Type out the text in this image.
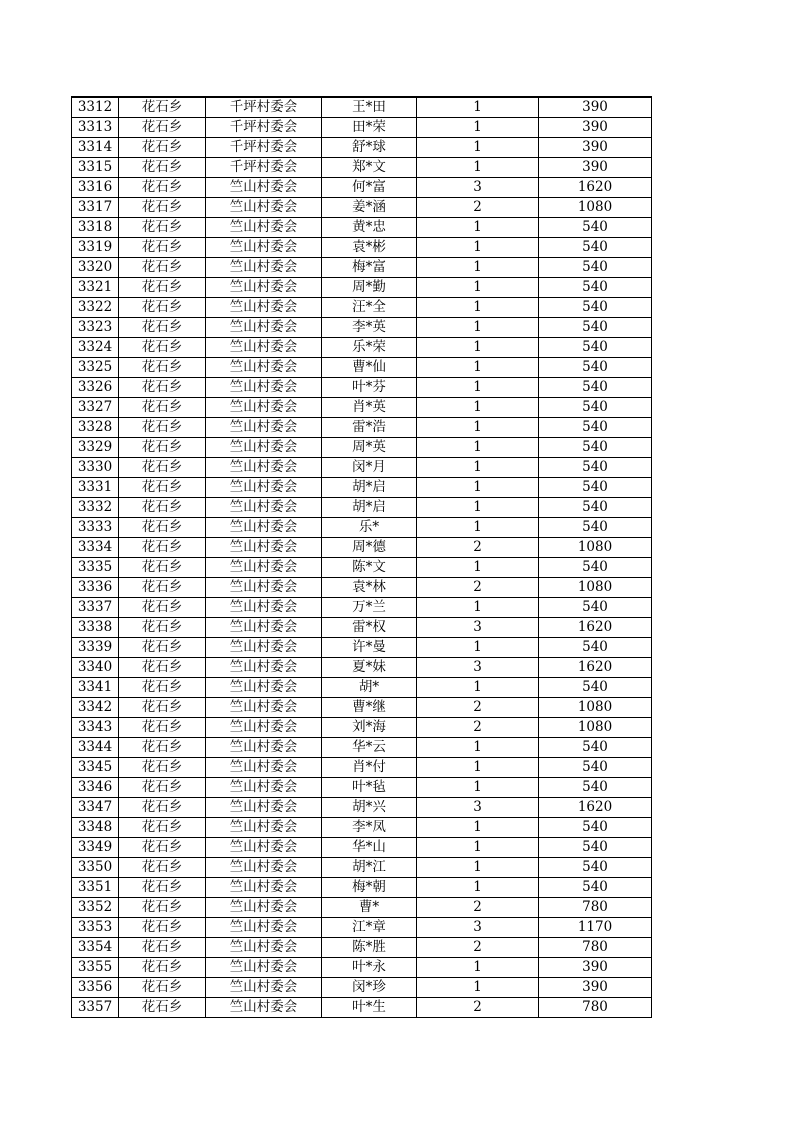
3312	花石乡	千坪村委会	王*田	1	390
3313	花石乡	千坪村委会	田*荣	1	390
3314	花石乡	千坪村委会	舒*球	1	390
3315	花石乡	千坪村委会	郑*文	1	390
3316	花石乡	竺山村委会	何*富	3	1620
3317	花石乡	竺山村委会	姜*涵	2	1080
3318	花石乡	竺山村委会	黄*忠	1	540
3319	花石乡	竺山村委会	袁*彬	1	540
3320	花石乡	竺山村委会	梅*富	1	540
3321	花石乡	竺山村委会	周*勤	1	540
3322	花石乡	竺山村委会	汪*全	1	540
3323	花石乡	竺山村委会	李*英	1	540
3324	花石乡	竺山村委会	乐*荣	1	540
3325	花石乡	竺山村委会	曹*仙	1	540
3326	花石乡	竺山村委会	叶*芬	1	540
3327	花石乡	竺山村委会	肖*英	1	540
3328	花石乡	竺山村委会	雷*浩	1	540
3329	花石乡	竺山村委会	周*英	1	540
3330	花石乡	竺山村委会	闵*月	1	540
3331	花石乡	竺山村委会	胡*启	1	540
3332	花石乡	竺山村委会	胡*启	1	540
3333	花石乡	竺山村委会	乐*	1	540
3334	花石乡	竺山村委会	周*德	2	1080
3335	花石乡	竺山村委会	陈*文	1	540
3336	花石乡	竺山村委会	袁*林	2	1080
3337	花石乡	竺山村委会	万*兰	1	540
3338	花石乡	竺山村委会	雷*权	3	1620
3339	花石乡	竺山村委会	许*曼	1	540
3340	花石乡	竺山村委会	夏*妹	3	1620
3341	花石乡	竺山村委会	胡*	1	540
3342	花石乡	竺山村委会	曹*继	2	1080
3343	花石乡	竺山村委会	刘*海	2	1080
3344	花石乡	竺山村委会	华*云	1	540
3345	花石乡	竺山村委会	肖*付	1	540
3346	花石乡	竺山村委会	叶*毡	1	540
3347	花石乡	竺山村委会	胡*兴	3	1620
3348	花石乡	竺山村委会	李*凤	1	540
3349	花石乡	竺山村委会	华*山	1	540
3350	花石乡	竺山村委会	胡*江	1	540
3351	花石乡	竺山村委会	梅*朝	1	540
3352	花石乡	竺山村委会	曹*	2	780
3353	花石乡	竺山村委会	江*章	3	1170
3354	花石乡	竺山村委会	陈*胜	2	780
3355	花石乡	竺山村委会	叶*永	1	390
3356	花石乡	竺山村委会	闵*珍	1	390
3357	花石乡	竺山村委会	叶*生	2	780
